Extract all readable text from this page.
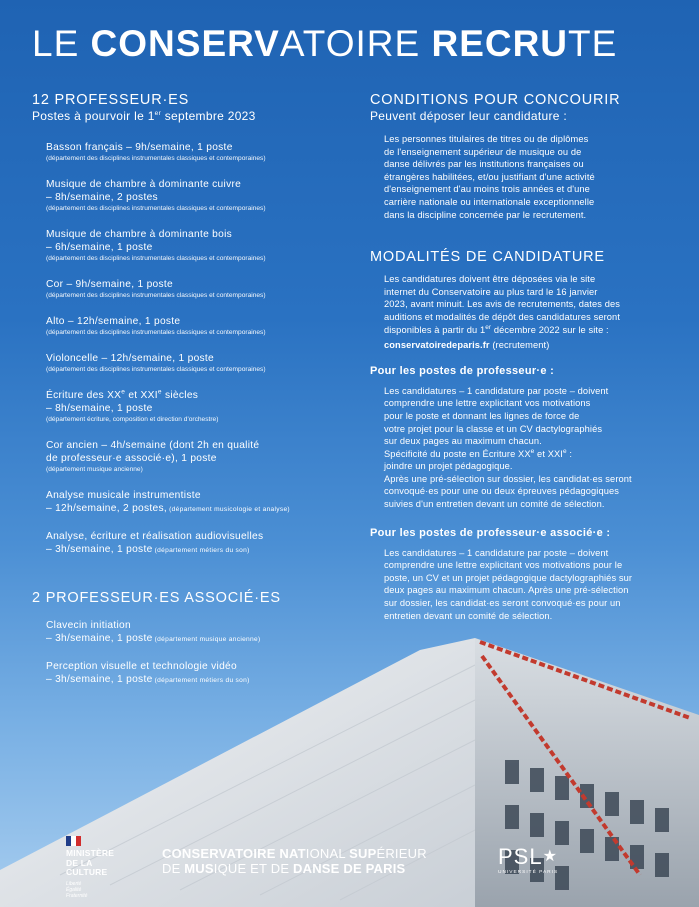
LE CONSERVATOIRE RECRUTE

12 PROFESSEUR·ES

Postes à pourvoir le 1er septembre 2023

Basson français – 9h/semaine, 1 poste
(département des disciplines instrumentales classiques et contemporaines)
Musique de chambre à dominante cuivre
– 8h/semaine, 2 postes
(département des disciplines instrumentales classiques et contemporaines)
Musique de chambre à dominante bois
– 6h/semaine, 1 poste
(département des disciplines instrumentales classiques et contemporaines)
Cor – 9h/semaine, 1 poste
(département des disciplines instrumentales classiques et contemporaines)
Alto – 12h/semaine, 1 poste
(département des disciplines instrumentales classiques et contemporaines)
Violoncelle – 12h/semaine, 1 poste
(département des disciplines instrumentales classiques et contemporaines)
Écriture des XXe et XXIe siècles
– 8h/semaine, 1 poste
(département écriture, composition et direction d'orchestre)
Cor ancien – 4h/semaine (dont 2h en qualité
de professeur·e associé·e), 1 poste
(département musique ancienne)
Analyse musicale instrumentiste
– 12h/semaine, 2 postes, (département musicologie et analyse)
Analyse, écriture et réalisation audiovisuelles
– 3h/semaine, 1 poste (département métiers du son)

2 PROFESSEUR·ES ASSOCIÉ·ES

Clavecin initiation
– 3h/semaine, 1 poste (département musique ancienne)
Perception visuelle et technologie vidéo
– 3h/semaine, 1 poste (département métiers du son)

CONDITIONS POUR CONCOURIR

Peuvent déposer leur candidature :

Les personnes titulaires de titres ou de diplômes
de l'enseignement supérieur de musique ou de
danse délivrés par les institutions françaises ou
étrangères habilitées, et/ou justifiant d'une activité
d'enseignement d'au moins trois années et d'une
carrière nationale ou internationale exceptionnelle
dans la discipline concernée par le recrutement.

MODALITÉS DE CANDIDATURE

Les candidatures doivent être déposées via le site
internet du Conservatoire au plus tard le 16 janvier
2023, avant minuit. Les avis de recrutements, dates des
auditions et modalités de dépôt des candidatures seront
disponibles à partir du 1er décembre 2022 sur le site :
conservatoiredeparis.fr (recrutement)
Pour les postes de professeur·e :
Les candidatures – 1 candidature par poste – doivent
comprendre une lettre explicitant vos motivations
pour le poste et donnant les lignes de force de
votre projet pour la classe et un CV dactylographiés
sur deux pages au maximum chacun.
Spécificité du poste en Écriture XXe et XXIe :
joindre un projet pédagogique.
Après une pré-sélection sur dossier, les candidat·es seront
convoqué·es pour une ou deux épreuves pédagogiques
suivies d'un entretien devant un comité de sélection.
Pour les postes de professeur·e associé·e :
Les candidatures – 1 candidature par poste – doivent
comprendre une lettre explicitant vos motivations pour le
poste, un CV et un projet pédagogique dactylographiés sur
deux pages au maximum chacun. Après une pré-sélection
sur dossier, les candidat·es seront convoqué·es pour un
entretien devant un comité de sélection.
MINISTÈRE
DE LA CULTURE
Liberté
Égalité
Fraternité
CONSERVATOIRE NATIONAL SUPÉRIEUR
DE MUSIQUE ET DE DANSE DE PARIS	PSL★
UNIVERSITÉ PARIS
